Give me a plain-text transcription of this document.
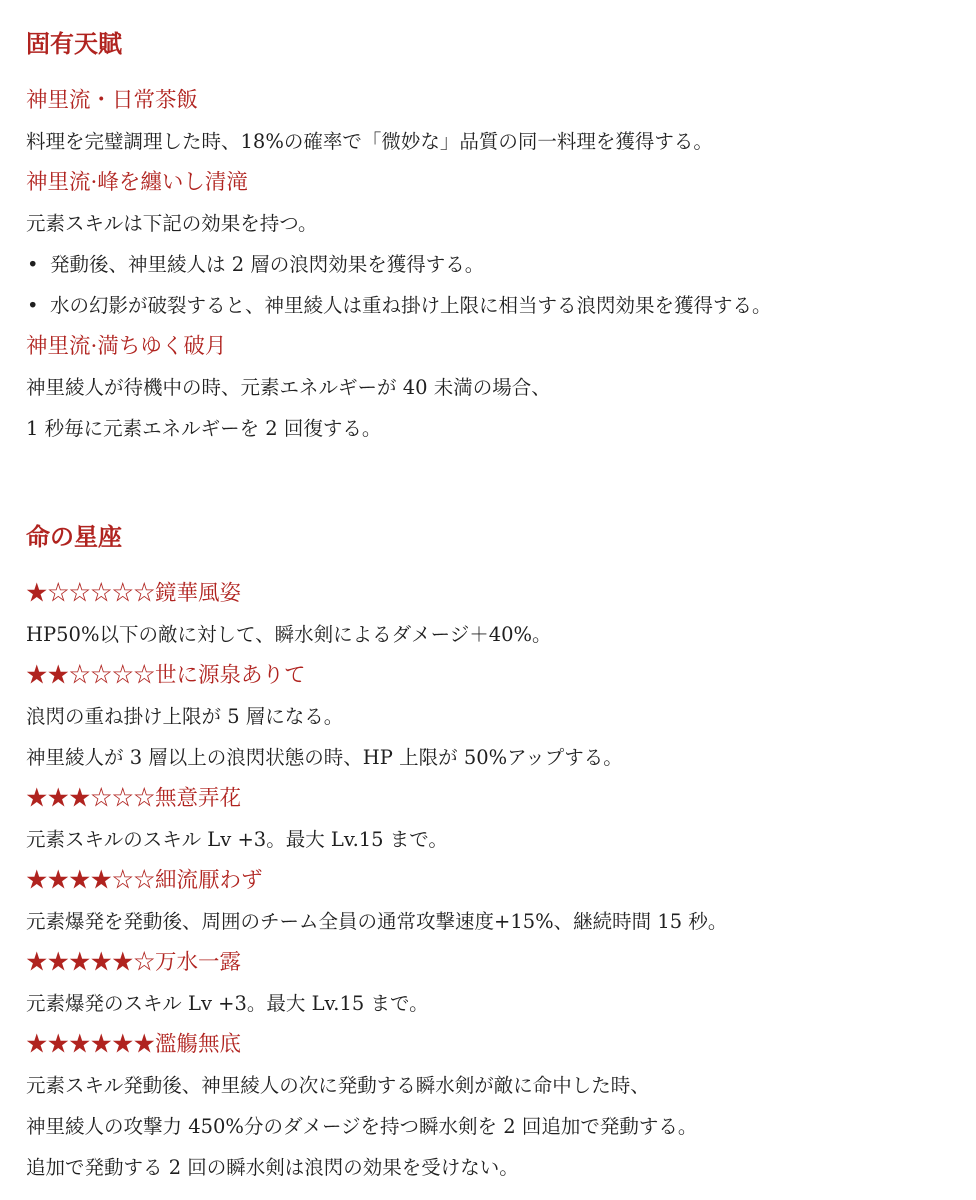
固有天賦
神里流・日常茶飯
料理を完璧調理した時、18%の確率で「微妙な」品質の同一料理を獲得する。
神里流·峰を纏いし清滝
元素スキルは下記の効果を持つ。
• 発動後、神里綾人は 2 層の浪閃効果を獲得する。
• 水の幻影が破裂すると、神里綾人は重ね掛け上限に相当する浪閃効果を獲得する。
神里流·満ちゆく破月
神里綾人が待機中の時、元素エネルギーが 40 未満の場合、
1 秒毎に元素エネルギーを 2 回復する。
命の星座
★☆☆☆☆☆鏡華風姿
HP50%以下の敵に対して、瞬水剣によるダメージ＋40%。
★★☆☆☆☆世に源泉ありて
浪閃の重ね掛け上限が 5 層になる。
神里綾人が 3 層以上の浪閃状態の時、HP 上限が 50%アップする。
★★★☆☆☆無意弄花
元素スキルのスキル Lv +3。最大 Lv.15 まで。
★★★★☆☆細流厭わず
元素爆発を発動後、周囲のチーム全員の通常攻撃速度+15%、継続時間 15 秒。
★★★★★☆万水一露
元素爆発のスキル Lv +3。最大 Lv.15 まで。
★★★★★★濫觴無底
元素スキル発動後、神里綾人の次に発動する瞬水剣が敵に命中した時、
神里綾人の攻撃力 450%分のダメージを持つ瞬水剣を 2 回追加で発動する。
追加で発動する 2 回の瞬水剣は浪閃の効果を受けない。
